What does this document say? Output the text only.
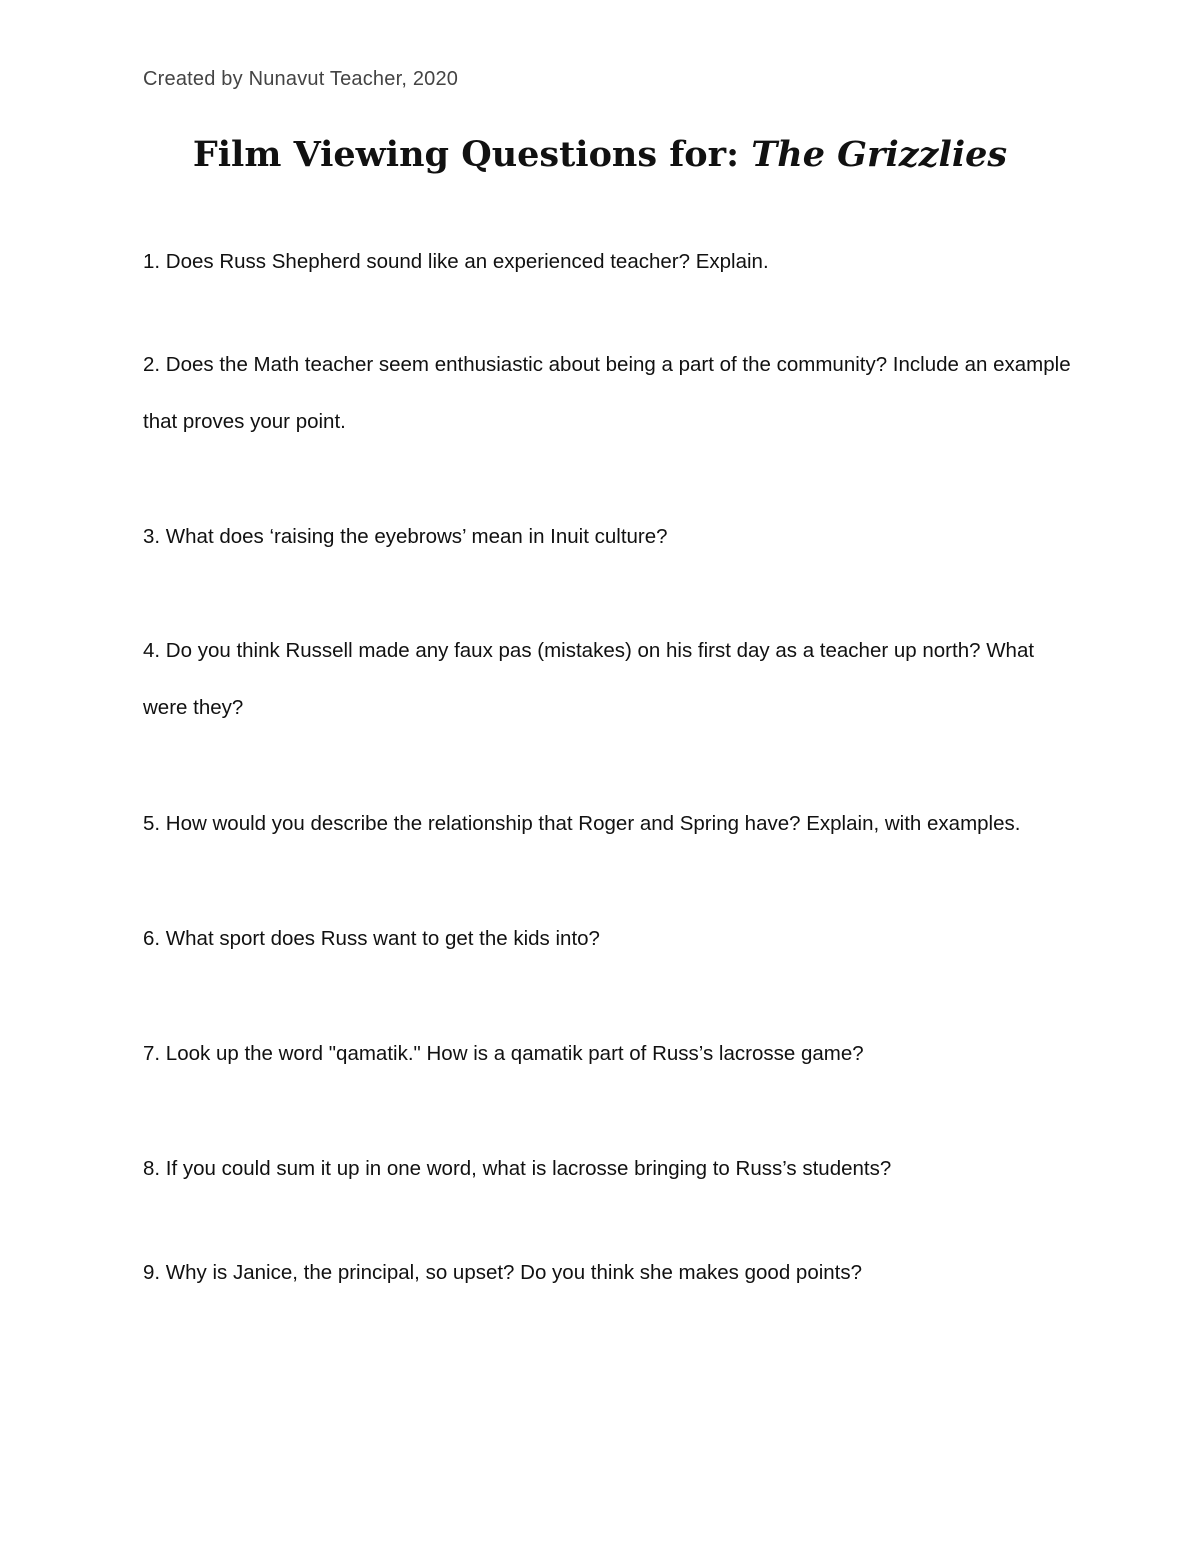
Created by Nunavut Teacher, 2020
Film Viewing Questions for: The Grizzlies
1. Does Russ Shepherd sound like an experienced teacher? Explain.
2. Does the Math teacher seem enthusiastic about being a part of the community? Include an example that proves your point.
3. What does ‘raising the eyebrows’ mean in Inuit culture?
4. Do you think Russell made any faux pas (mistakes) on his first day as a teacher up north? What were they?
5. How would you describe the relationship that Roger and Spring have? Explain, with examples.
6. What sport does Russ want to get the kids into?
7. Look up the word "qamatik." How is a qamatik part of Russ’s lacrosse game?
8. If you could sum it up in one word, what is lacrosse bringing to Russ’s students?
9. Why is Janice, the principal, so upset? Do you think she makes good points?
